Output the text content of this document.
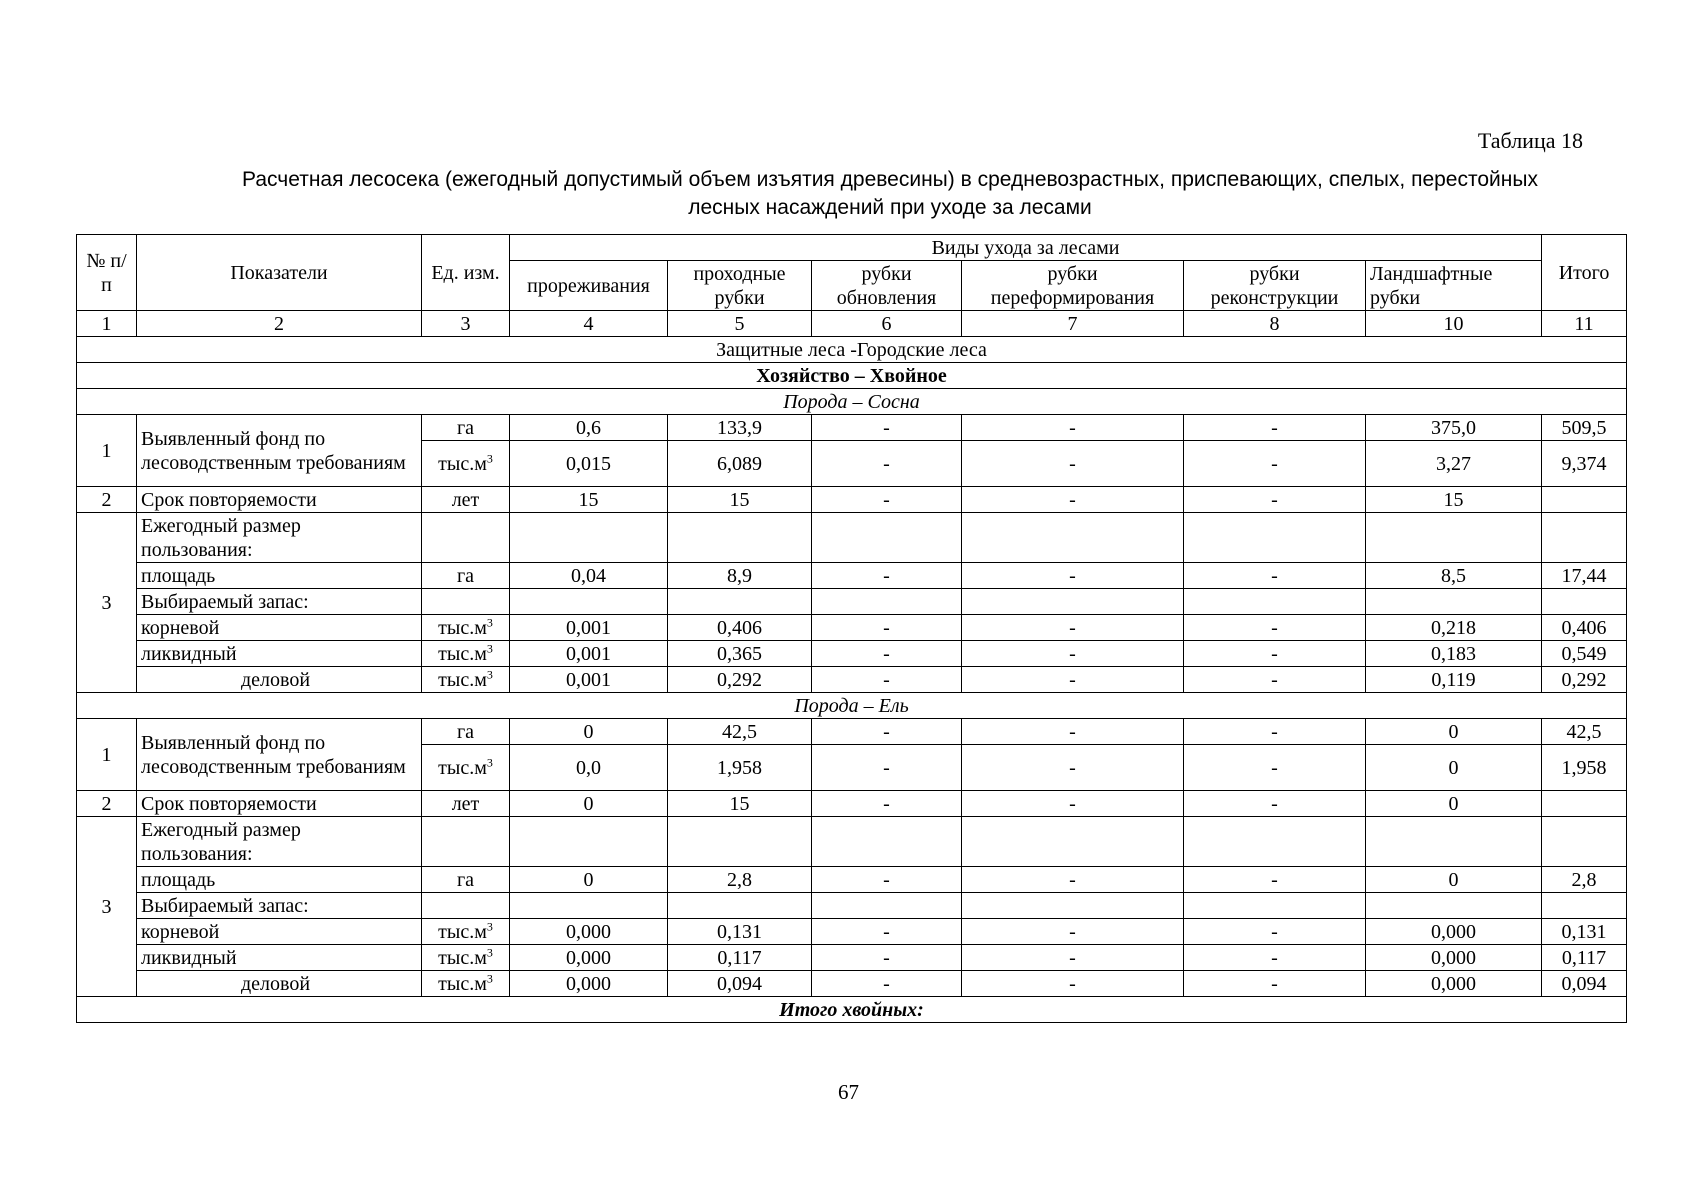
Таблица 18
Расчетная лесосека (ежегодный допустимый объем изъятия древесины) в средневозрастных, приспевающих, спелых, перестойных
лесных насаждений при уходе за лесами
№ п/п	Показатели	Ед. изм.	Виды ухода за лесами						Итого
			прореживания	проходные рубки	рубки обновления	рубки переформирования	рубки реконструкции	Ландшафтные рубки	
1	2	3	4	5	6	7	8	10	11
Защитные леса -Городские леса									
Хозяйство – Хвойное									
Порода – Сосна									
1	Выявленный фонд по лесоводственным требованиям	га	0,6	133,9	-	-	-	375,0	509,5
		$тыс.м^3$	0,015	6,089	-	-	-	3,27	9,374
2	Срок повторяемости	лет	15	15	-	-	-	15	
3	Ежегодный размер пользования:								
	площадь	га	0,04	8,9	-	-	-	8,5	17,44
	Выбираемый запас:								
	корневой	$тыс.м^3$	0,001	0,406	-	-	-	0,218	0,406
	ликвидный	$тыс.м^3$	0,001	0,365	-	-	-	0,183	0,549
	деловой	$тыс.м^3$	0,001	0,292	-	-	-	0,119	0,292
Порода – Ель									
1	Выявленный фонд по лесоводственным требованиям	га	0	42,5	-	-	-	0	42,5
		$тыс.м^3$	0,0	1,958	-	-	-	0	1,958
2	Срок повторяемости	лет	0	15	-	-	-	0	
3	Ежегодный размер пользования:								
	площадь	га	0	2,8	-	-	-	0	2,8
	Выбираемый запас:								
	корневой	$тыс.м^3$	0,000	0,131	-	-	-	0,000	0,131
	ликвидный	$тыс.м^3$	0,000	0,117	-	-	-	0,000	0,117
	деловой	$тыс.м^3$	0,000	0,094	-	-	-	0,000	0,094
Итого хвойных:									
67
